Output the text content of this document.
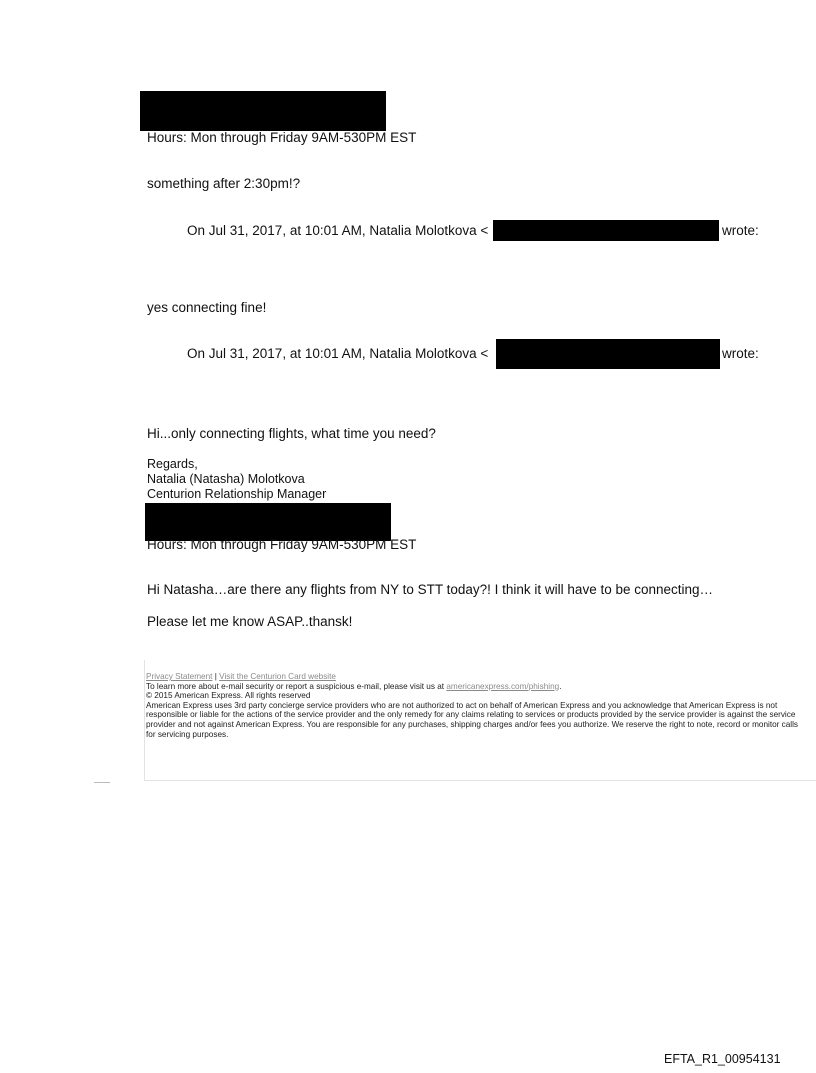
Hours: Mon through Friday 9AM-530PM EST
something after 2:30pm!?
On Jul 31, 2017, at 10:01 AM, Natalia Molotkova <	wrote:
yes connecting fine!
On Jul 31, 2017, at 10:01 AM, Natalia Molotkova <	wrote:
Hi...only connecting flights, what time you need?
Regards,
Natalia (Natasha) Molotkova
Centurion Relationship Manager
Hours: Mon through Friday 9AM-530PM EST
Hi Natasha…are there any flights from NY to STT today?! I think it will have to be connecting…
Please let me know ASAP..thansk!
Privacy Statement | Visit the Centurion Card website
To learn more about e-mail security or report a suspicious e-mail, please visit us at americanexpress.com/phishing.
© 2015 American Express. All rights reserved
American Express uses 3rd party concierge service providers who are not authorized to act on behalf of American Express and you acknowledge that American Express is not
responsible or liable for the actions of the service provider and the only remedy for any claims relating to services or products provided by the service provider is against the service
provider and not against American Express. You are responsible for any purchases, shipping charges and/or fees you authorize. We reserve the right to note, record or monitor calls
for servicing purposes.
EFTA_R1_00954131
